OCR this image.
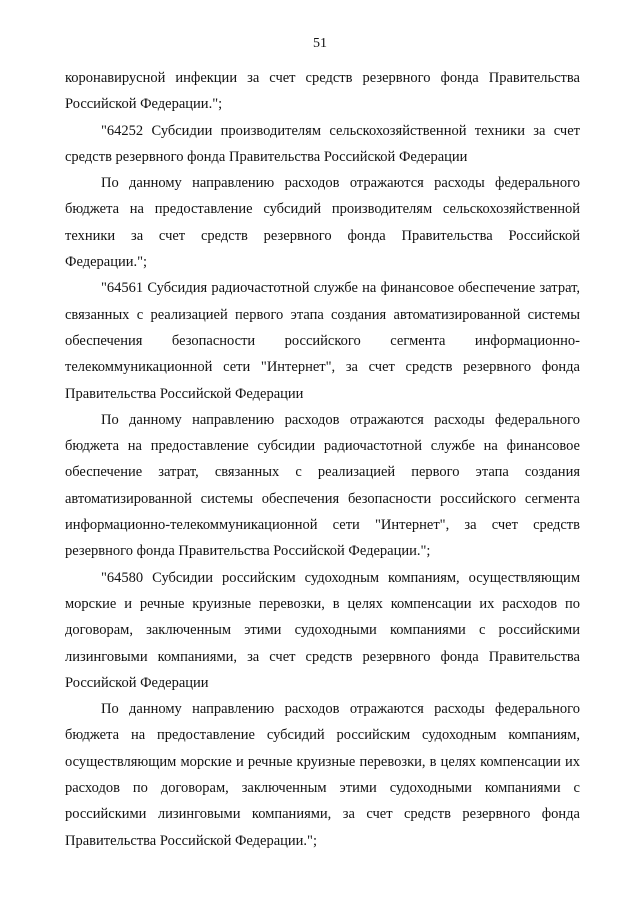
51

коронавирусной инфекции за счет средств резервного фонда Правительства Российской Федерации.";

"64252 Субсидии производителям сельскохозяйственной техники за счет средств резервного фонда Правительства Российской Федерации

По данному направлению расходов отражаются расходы федерального бюджета на предоставление субсидий производителям сельскохозяйственной техники за счет средств резервного фонда Правительства Российской Федерации.";

"64561 Субсидия радиочастотной службе на финансовое обеспечение затрат, связанных с реализацией первого этапа создания автоматизированной системы обеспечения безопасности российского сегмента информационно-телекоммуникационной сети "Интернет", за счет средств резервного фонда Правительства Российской Федерации

По данному направлению расходов отражаются расходы федерального бюджета на предоставление субсидии радиочастотной службе на финансовое обеспечение затрат, связанных с реализацией первого этапа создания автоматизированной системы обеспечения безопасности российского сегмента информационно-телекоммуникационной сети "Интернет", за счет средств резервного фонда Правительства Российской Федерации.";

"64580 Субсидии российским судоходным компаниям, осуществляющим морские и речные круизные перевозки, в целях компенсации их расходов по договорам, заключенным этими судоходными компаниями с российскими лизинговыми компаниями, за счет средств резервного фонда Правительства Российской Федерации

По данному направлению расходов отражаются расходы федерального бюджета на предоставление субсидий российским судоходным компаниям, осуществляющим морские и речные круизные перевозки, в целях компенсации их расходов по договорам, заключенным этими судоходными компаниями с российскими лизинговыми компаниями, за счет средств резервного фонда Правительства Российской Федерации.";
